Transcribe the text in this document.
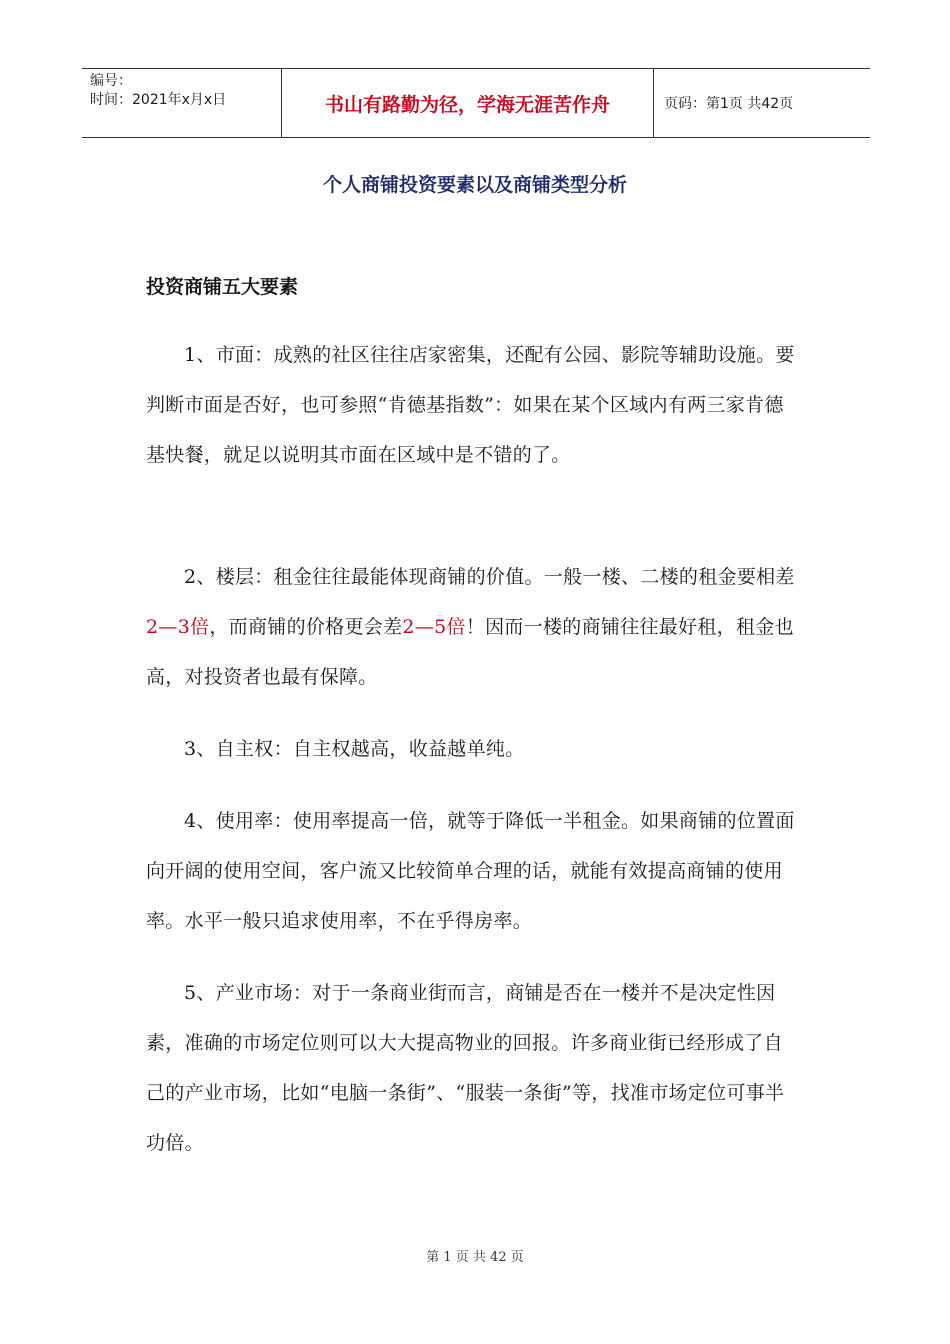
编号：
时间：2021年x月x日	书山有路勤为径，学海无涯苦作舟	页码：第1页 共42页
个人商铺投资要素以及商铺类型分析
投资商铺五大要素

1、市面：成熟的社区往往店家密集，还配有公园、影院等辅助设施。要判断市面是否好，也可参照“肯德基指数”：如果在某个区域内有两三家肯德基快餐，就足以说明其市面在区域中是不错的了。

2、楼层：租金往往最能体现商铺的价值。一般一楼、二楼的租金要相差2—3倍，而商铺的价格更会差2—5倍！因而一楼的商铺往往最好租，租金也高，对投资者也最有保障。

3、自主权：自主权越高，收益越单纯。

4、使用率：使用率提高一倍，就等于降低一半租金。如果商铺的位置面向开阔的使用空间，客户流又比较简单合理的话，就能有效提高商铺的使用率。水平一般只追求使用率，不在乎得房率。

5、产业市场：对于一条商业街而言，商铺是否在一楼并不是决定性因素，准确的市场定位则可以大大提高物业的回报。许多商业街已经形成了自己的产业市场，比如“电脑一条街”、“服装一条街”等，找准市场定位可事半功倍。

第 1 页 共 42 页
